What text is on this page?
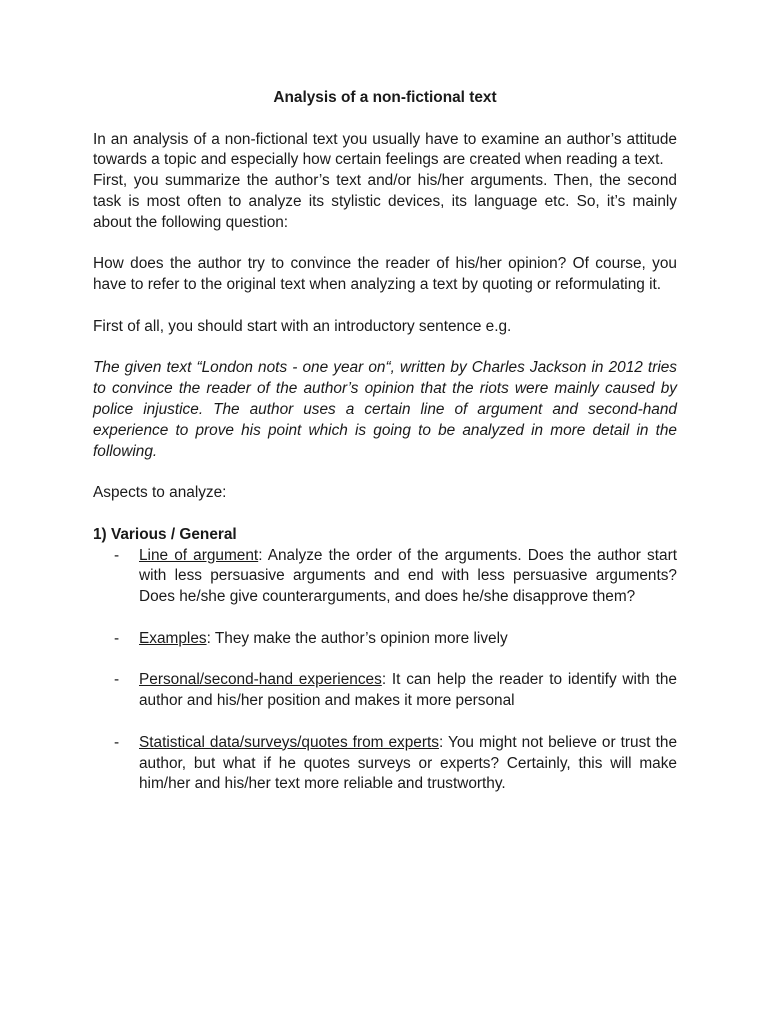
Analysis of a non-fictional text

In an analysis of a non-fictional text you usually have to examine an author’s attitude towards a topic and especially how certain feelings are created when reading a text.

First, you summarize the author’s text and/or his/her arguments. Then, the second task is most often to analyze its stylistic devices, its language etc. So, it’s mainly about the following question:

How does the author try to convince the reader of his/her opinion? Of course, you have to refer to the original text when analyzing a text by quoting or reformulating it.

First of all, you should start with an introductory sentence e.g.

The given text “London nots - one year on“, written by Charles Jackson in 2012 tries to convince the reader of the author’s opinion that the riots were mainly caused by police injustice. The author uses a certain line of argument and second-hand experience to prove his point which is going to be analyzed in more detail in the following.

Aspects to analyze:

1) Various / General
- Line of argument: Analyze the order of the arguments. Does the author start with less persuasive arguments and end with less persuasive arguments? Does he/she give counterarguments, and does he/she disapprove them?
- Examples: They make the author’s opinion more lively
- Personal/second-hand experiences: It can help the reader to identify with the author and his/her position and makes it more personal
- Statistical data/surveys/quotes from experts: You might not believe or trust the author, but what if he quotes surveys or experts? Certainly, this will make him/her and his/her text more reliable and trustworthy.
